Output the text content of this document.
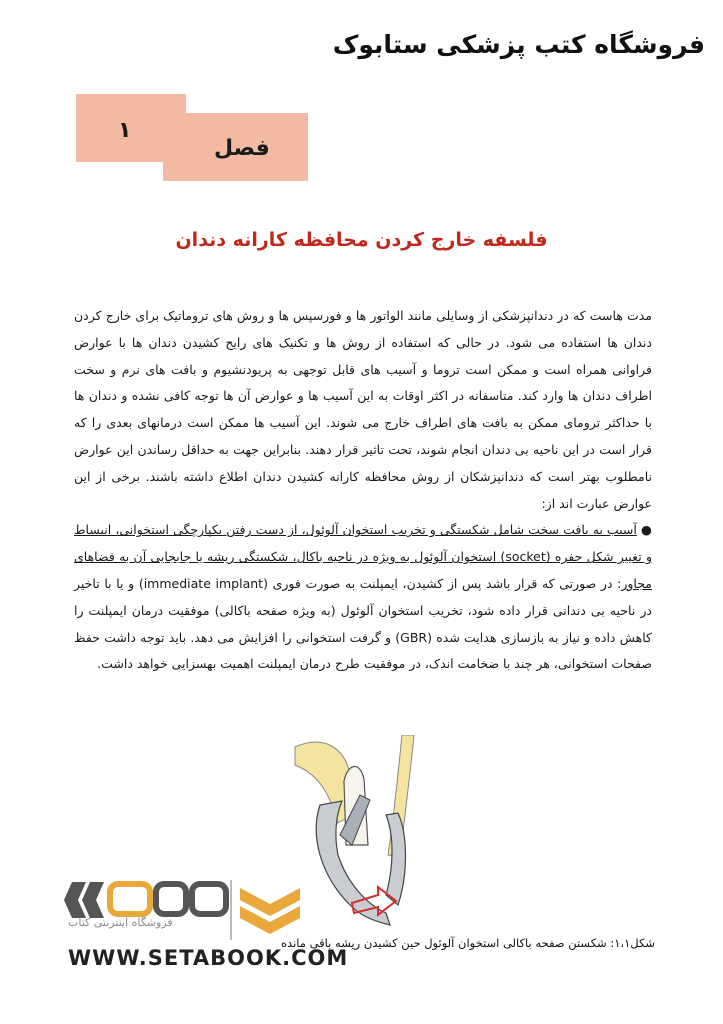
فروشگاه کتب پزشکی ستابوک
۱
فصل
فلسفه خارج کردن محافظه کارانه دندان

مدت هاست که در دندانپزشکی از وسایلی مانند الواتور ها و فورسپس ها و روش های تروماتیک برای خارج کردن دندان ها استفاده می شود. در حالی که استفاده از روش ها و تکنیک های رایج کشیدن دندان ها با عوارض فراوانی همراه است و ممکن است تروما و آسیب های قابل توجهی به پریودنشیوم و بافت های نرم و سخت اطراف دندان ها وارد کند. متاسفانه در اکثر اوقات به این آسیب ها و عوارض آن ها توجه کافی نشده و دندان ها با حداکثر ترومای ممکن به بافت های اطراف خارج می شوند. این آسیب ها ممکن است درمانهای بعدی را که قرار است در این ناحیه بی دندان انجام شوند، تحت تاثیر قرار دهند. بنابراین جهت به حداقل رساندن این عوارض نامطلوب بهتر است که دندانپزشکان از روش محافظه کارانه کشیدن دندان اطلاع داشته باشند. برخی از این عوارض عبارت اند از:

● آسیب به بافت سخت شامل شکستگی و تخریب استخوان آلوئول، از دست رفتن یکپارچگی استخوانی، انبساط و تغییر شکل حفره (socket) استخوان آلوئول به ویژه در ناحیه باکال، شکستگی ریشه یا جابجایی آن به فضاهای مجاور: در صورتی که قرار باشد پس از کشیدن، ایمپلنت به صورت فوری (immediate implant) و یا با تاخیر در ناحیه بی دندانی قرار داده شود، تخریب استخوان آلوئول (به ویژه صفحه باکالی) موفقیت درمان ایمپلنت را کاهش داده و نیاز به بازسازی هدایت شده (GBR) و گرفت استخوانی را افزایش می دهد. باید توجه داشت حفظ صفحات استخوانی، هر چند با ضخامت اندک، در موفقیت طرح درمان ایمپلنت اهمیت بهسزایی خواهد داشت.

فروشگاه اینترنتی کتاب
WWW.SETABOOK.COM
شکل۱،۱: شکستن صفحه باکالی استخوان آلوئول حین کشیدن ریشه باقی مانده
